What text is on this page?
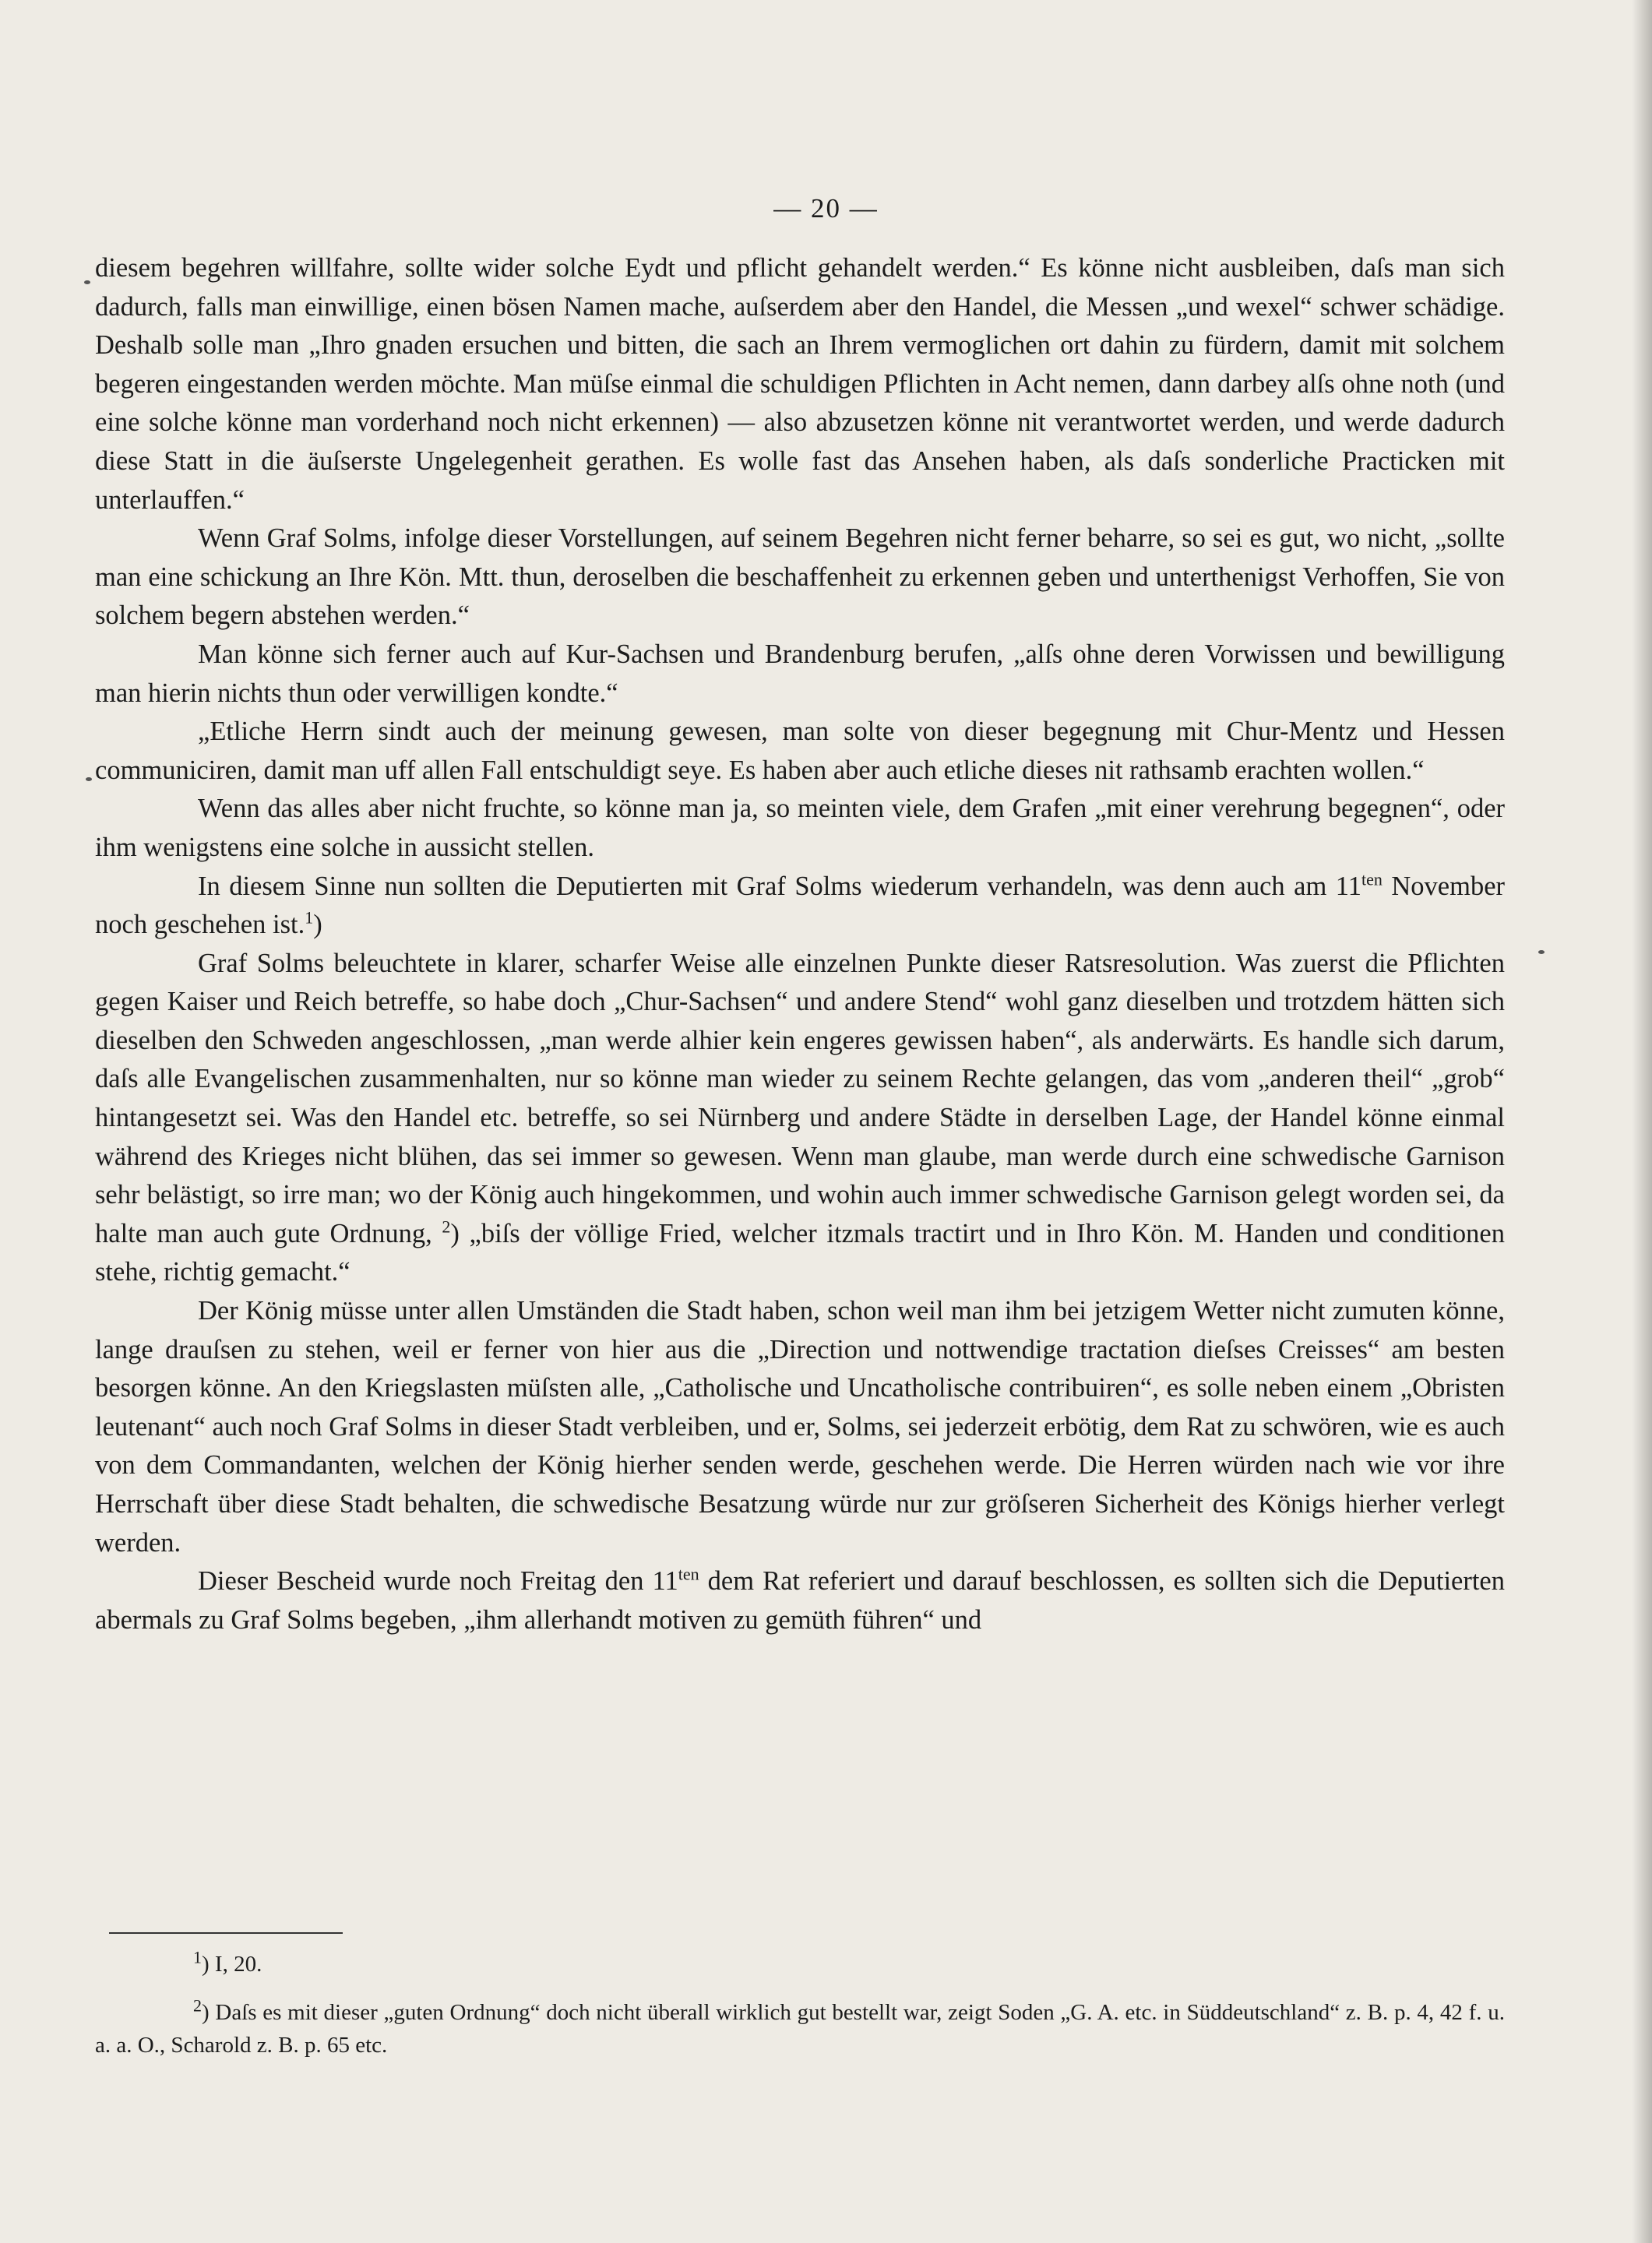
— 20 —

diesem begehren willfahre, sollte wider solche Eydt und pflicht gehandelt werden.“ Es könne nicht ausbleiben, daſs man sich dadurch, falls man einwillige, einen bösen Namen mache, auſserdem aber den Handel, die Messen „und wexel“ schwer schädige. Deshalb solle man „Ihro gnaden ersuchen und bitten, die sach an Ihrem vermoglichen ort dahin zu fürdern, damit mit solchem begeren eingestanden werden möchte. Man müſse einmal die schuldigen Pflichten in Acht nemen, dann darbey alſs ohne noth (und eine solche könne man vorderhand noch nicht erkennen) — also abzusetzen könne nit verantwortet werden, und werde dadurch diese Statt in die äuſserste Ungelegenheit gerathen. Es wolle fast das Ansehen haben, als daſs sonderliche Practicken mit unterlauffen.“

Wenn Graf Solms, infolge dieser Vorstellungen, auf seinem Begehren nicht ferner beharre, so sei es gut, wo nicht, „sollte man eine schickung an Ihre Kön. Mtt. thun, deroselben die beschaffenheit zu erkennen geben und unterthenigst Verhoffen, Sie von solchem begern abstehen werden.“

Man könne sich ferner auch auf Kur-Sachsen und Brandenburg berufen, „alſs ohne deren Vorwissen und bewilligung man hierin nichts thun oder verwilligen kondte.“

„Etliche Herrn sindt auch der meinung gewesen, man solte von dieser begegnung mit Chur-Mentz und Hessen communiciren, damit man uff allen Fall entschuldigt seye. Es haben aber auch etliche dieses nit rathsamb erachten wollen.“

Wenn das alles aber nicht fruchte, so könne man ja, so meinten viele, dem Grafen „mit einer verehrung begegnen“, oder ihm wenigstens eine solche in aussicht stellen.

In diesem Sinne nun sollten die Deputierten mit Graf Solms wiederum verhandeln, was denn auch am $11^{ten}$ November noch geschehen ist.$^1$)

Graf Solms beleuchtete in klarer, scharfer Weise alle einzelnen Punkte dieser Ratsresolution. Was zuerst die Pflichten gegen Kaiser und Reich betreffe, so habe doch „Chur-Sachsen“ und andere Stend“ wohl ganz dieselben und trotzdem hätten sich dieselben den Schweden angeschlossen, „man werde alhier kein engeres gewissen haben“, als anderwärts. Es handle sich darum, daſs alle Evangelischen zusammenhalten, nur so könne man wieder zu seinem Rechte gelangen, das vom „anderen theil“ „grob“ hintangesetzt sei. Was den Handel etc. betreffe, so sei Nürnberg und andere Städte in derselben Lage, der Handel könne einmal während des Krieges nicht blühen, das sei immer so gewesen. Wenn man glaube, man werde durch eine schwedische Garnison sehr belästigt, so irre man; wo der König auch hingekommen, und wohin auch immer schwedische Garnison gelegt worden sei, da halte man auch gute Ordnung, $^2$) „biſs der völlige Fried, welcher itzmals tractirt und in Ihro Kön. M. Handen und conditionen stehe, richtig gemacht.“

Der König müsse unter allen Umständen die Stadt haben, schon weil man ihm bei jetzigem Wetter nicht zumuten könne, lange drauſsen zu stehen, weil er ferner von hier aus die „Direction und nottwendige tractation dieſses Creisses“ am besten besorgen könne. An den Kriegslasten müſsten alle, „Catholische und Uncatholische contribuiren“, es solle neben einem „Obristen leutenant“ auch noch Graf Solms in dieser Stadt verbleiben, und er, Solms, sei jederzeit erbötig, dem Rat zu schwören, wie es auch von dem Commandanten, welchen der König hierher senden werde, geschehen werde. Die Herren würden nach wie vor ihre Herrschaft über diese Stadt behalten, die schwedische Besatzung würde nur zur gröſseren Sicherheit des Königs hierher verlegt werden.

Dieser Bescheid wurde noch Freitag den $11^{ten}$ dem Rat referiert und darauf beschlossen, es sollten sich die Deputierten abermals zu Graf Solms begeben, „ihm allerhandt motiven zu gemüth führen“ und

$^1$) I, 20.

$^2$) Daſs es mit dieser „guten Ordnung“ doch nicht überall wirklich gut bestellt war, zeigt Soden „G. A. etc. in Süddeutschland“ z. B. p. 4, 42 f. u. a. a. O., Scharold z. B. p. 65 etc.
